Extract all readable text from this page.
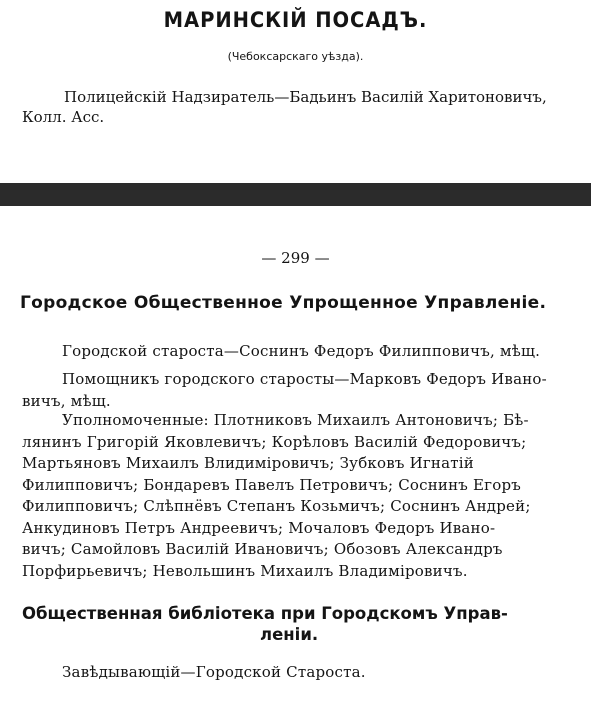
МАРИНСКІЙ ПОСАДЪ.
(Чебоксарскаго уѣзда).
Полицейскій Надзиратель—Бадьинъ Василій Харитоновичъ,
Колл. Асс.
— 299 —
Городское Общественное Упрощенное Управленіе.
Городской староста—Соснинъ Федоръ Филипповичъ, мѣщ.
Помощникъ городского старосты—Марковъ Федоръ Ивано-
вичъ, мѣщ.
Уполномоченные: Плотниковъ Михаилъ Антоновичъ; Бѣ-
лянинъ Григорій Яковлевичъ; Корѣловъ Василій Федоровичъ;
Мартьяновъ Михаилъ Влидиміровичъ; Зубковъ Игнатій
Филипповичъ; Бондаревъ Павелъ Петровичъ; Соснинъ Егоръ
Филипповичъ; Слѣпнёвъ Степанъ Козьмичъ; Соснинъ Андрей;
Анкудиновъ Петръ Андреевичъ; Мочаловъ Федоръ Ивано-
вичъ; Самойловъ Василій Ивановичъ; Обозовъ Александръ
Порфирьевичъ; Невольшинъ Михаилъ Владиміровичъ.
Общественная библіотека при Городскомъ Управ-
леніи.
Завѣдывающій—Городской Староста.
